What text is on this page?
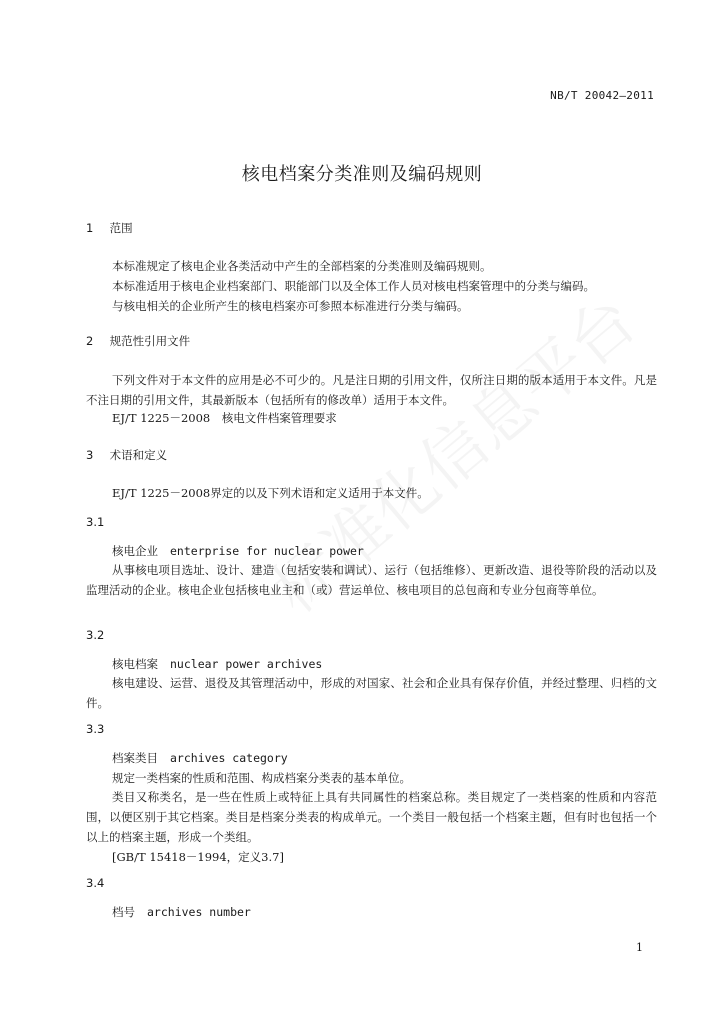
NB/T 20042—2011
核电档案分类准则及编码规则
1 范围
本标准规定了核电企业各类活动中产生的全部档案的分类准则及编码规则。
本标准适用于核电企业档案部门、职能部门以及全体工作人员对核电档案管理中的分类与编码。
与核电相关的企业所产生的核电档案亦可参照本标准进行分类与编码。
2 规范性引用文件
下列文件对于本文件的应用是必不可少的。凡是注日期的引用文件，仅所注日期的版本适用于本文件。凡是不注日期的引用文件，其最新版本（包括所有的修改单）适用于本文件。
EJ/T 1225－2008　核电文件档案管理要求
3 术语和定义
EJ/T 1225－2008界定的以及下列术语和定义适用于本文件。
3.1
核电企业 enterprise for nuclear power
从事核电项目选址、设计、建造（包括安装和调试）、运行（包括维修）、更新改造、退役等阶段的活动以及监理活动的企业。核电企业包括核电业主和（或）营运单位、核电项目的总包商和专业分包商等单位。
3.2
核电档案 nuclear power archives
核电建设、运营、退役及其管理活动中，形成的对国家、社会和企业具有保存价值，并经过整理、归档的文件。
3.3
档案类目 archives category
规定一类档案的性质和范围、构成档案分类表的基本单位。
类目又称类名，是一些在性质上或特征上具有共同属性的档案总称。类目规定了一类档案的性质和内容范围，以便区别于其它档案。类目是档案分类表的构成单元。一个类目一般包括一个档案主题，但有时也包括一个以上的档案主题，形成一个类组。
[GB/T 15418－1994，定义3.7]
3.4
档号 archives number
1
